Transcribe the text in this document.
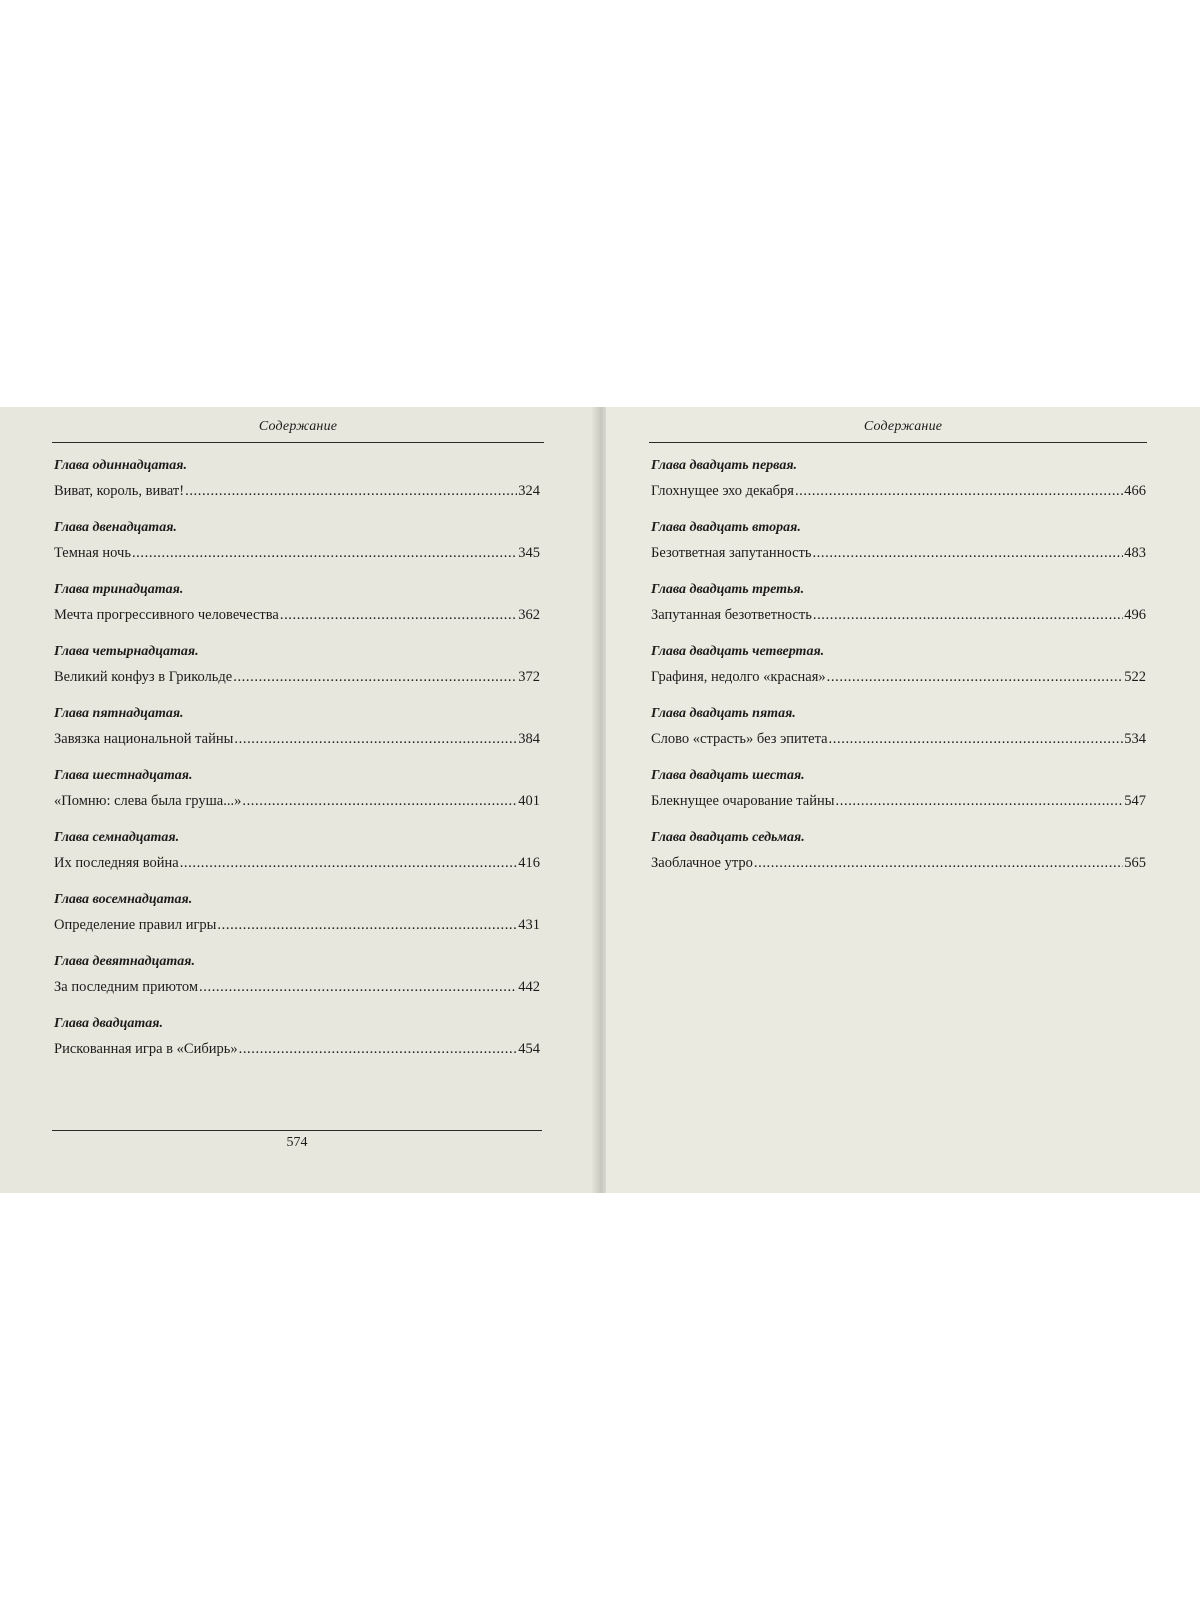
Содержание
Глава одиннадцатая.
Виват, король, виват! .....	324
Глава двенадцатая.
Темная ночь .....	345
Глава тринадцатая.
Мечта прогрессивного человечества .....	362
Глава четырнадцатая.
Великий конфуз в Грикольде .....	372
Глава пятнадцатая.
Завязка национальной тайны .....	384
Глава шестнадцатая.
«Помню: слева была груша...» .....	401
Глава семнадцатая.
Их последняя война .....	416
Глава восемнадцатая.
Определение правил игры .....	431
Глава девятнадцатая.
За последним приютом .....	442
Глава двадцатая.
Рискованная игра в «Сибирь» .....	454
574
Содержание
Глава двадцать первая.
Глохнущее эхо декабря .....	466
Глава двадцать вторая.
Безответная запутанность .....	483
Глава двадцать третья.
Запутанная безответность .....	496
Глава двадцать четвертая.
Графиня, недолго «красная» .....	522
Глава двадцать пятая.
Слово «страсть» без эпитета .....	534
Глава двадцать шестая.
Блекнущее очарование тайны .....	547
Глава двадцать седьмая.
Заоблачное утро .....	565
